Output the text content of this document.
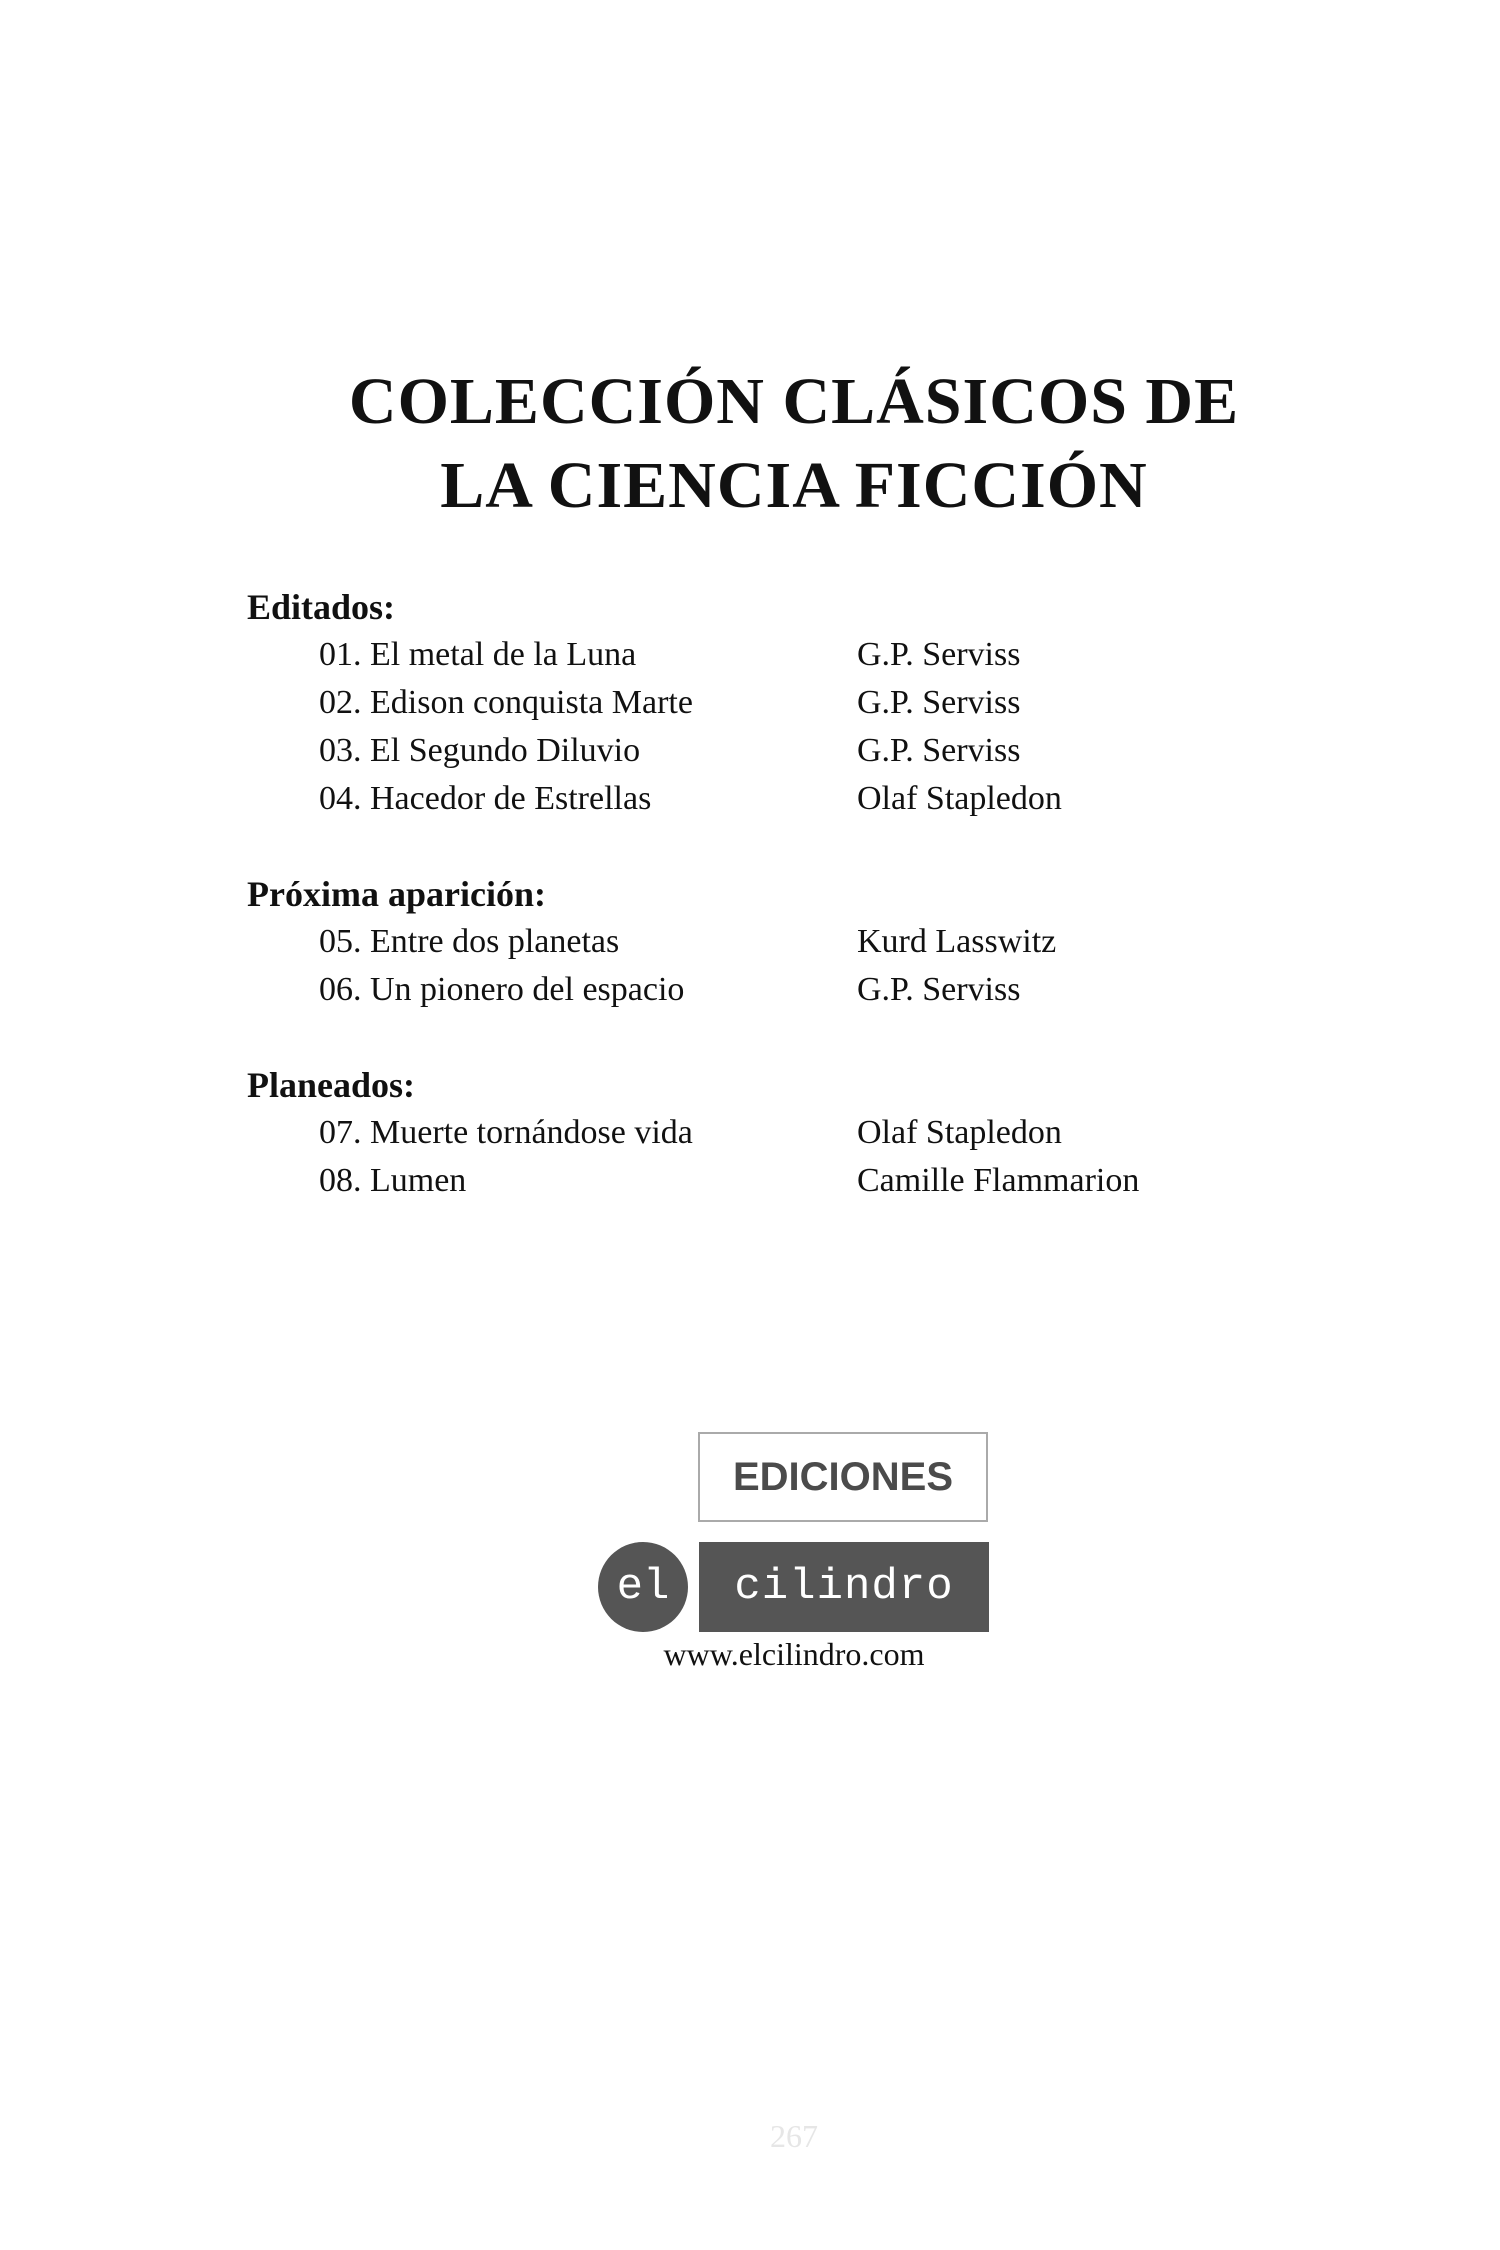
COLECCIÓN CLÁSICOS DE
LA CIENCIA FICCIÓN
Editados:
01. El metal de la Luna	G.P. Serviss
02. Edison conquista Marte	G.P. Serviss
03. El Segundo Diluvio	G.P. Serviss
04. Hacedor de Estrellas	Olaf Stapledon
Próxima aparición:
05. Entre dos planetas	Kurd Lasswitz
06. Un pionero del espacio	G.P. Serviss
Planeados:
07. Muerte tornándose vida	Olaf Stapledon
08. Lumen	Camille Flammarion
EDICIONES
el	cilindro
www.elcilindro.com
267
